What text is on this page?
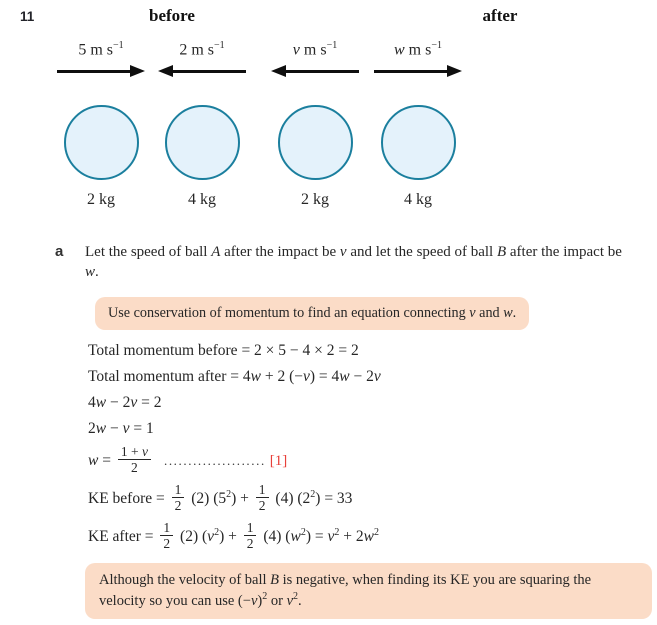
11	before	after
5 m $s^{-1}$
2 kg
2 m $s^{-1}$
4 kg
v m $s^{-1}$
2 kg
w m $s^{-1}$
4 kg
a Let the speed of ball A after the impact be v and let the speed of ball B after the impact be w.
Use conservation of momentum to find an equation connecting v and w.
Total momentum before = 2 × 5 − 4 × 2 = 2
Total momentum after = 4w + 2 (−v) = 4w − 2v
4w − 2v = 2
2w − v = 1
$w = \frac{1 + v}{2}$ ..................... [1]
KE before = $\frac{1}{2} (2) (5^2) + \frac{1}{2} (4) (2^2) = 33$
KE after = $\frac{1}{2} (2) (v^2) + \frac{1}{2} (4) (w^2) = v^2 + 2w^2$
Although the velocity of ball B is negative, when finding its KE you are squaring the velocity so you can use $(-v)^2$ or $v^2$.
